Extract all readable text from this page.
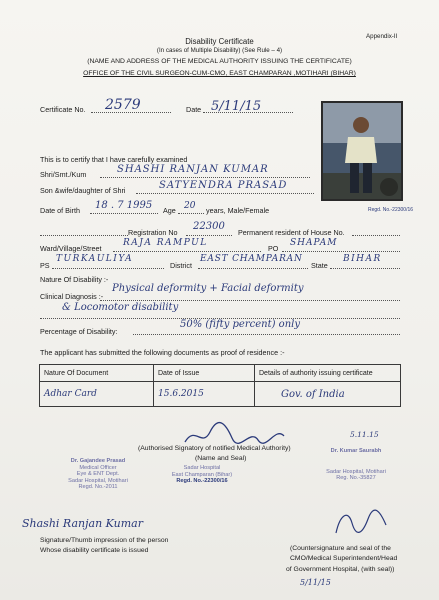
Appendix-II
Disability Certificate
(In cases of Multiple Disability) (See Rule – 4)
(NAME AND ADDRESS OF THE MEDICAL AUTHORITY ISSUING THE CERTIFICATE)
OFFICE OF THE CIVIL SURGEON-CUM-CMO, EAST CHAMPARAN ,MOTIHARI (BIHAR)
Certificate No. 2579	Date 5/11/15
Regd. No.-22300/16
This is to certify that I have carefully examined
Shri/Smt./Kum	SHASHI RANJAN KUMAR
Son &wife/daughter of Shri	SATYENDRA PRASAD
Date of Birth 18 . 7 1995 Age 20 years, Male/Female
Registration No
22300
Permanent resident of House No.
Ward/Village/Street
RAJA RAMPUL
PO
SHAPAM
PS
TURKAULIYA
District
EAST CHAMPARAN
State
BIHAR
Nature Of Disability :-
Clinical Diagnosis :-
Physical deformity + Facial deformity
& Locomotor disability
Percentage of Disability:
50% (fifty percent) only
The applicant has submitted the following documents as proof of residence :-
Nature Of Document	Date of Issue	Details of authority issuing certificate
Adhar Card	15.6.2015	Gov. of India
5.11.15
(Authorised Signatory of notified Medical Authority)
(Name and Seal)
Dr. Gajandee Prasad
Medical Officer
Eye & ENT Dept.
Sadar Hospital, Motihari
Regd. No.-2011
Sadar Hospital
East Champaran (Bihar)
Regd. No.-22300/16
Dr. Kumar Saurabh
Sadar Hospital, Motihari
Reg. No.-35827
Shashi Ranjan Kumar
Signature/Thumb impression of the person
Whose disability certificate is issued	(Countersignature and seal of the
CMO/Medical Superintendent/Head
of Government Hospital, (with seal))
5/11/15
